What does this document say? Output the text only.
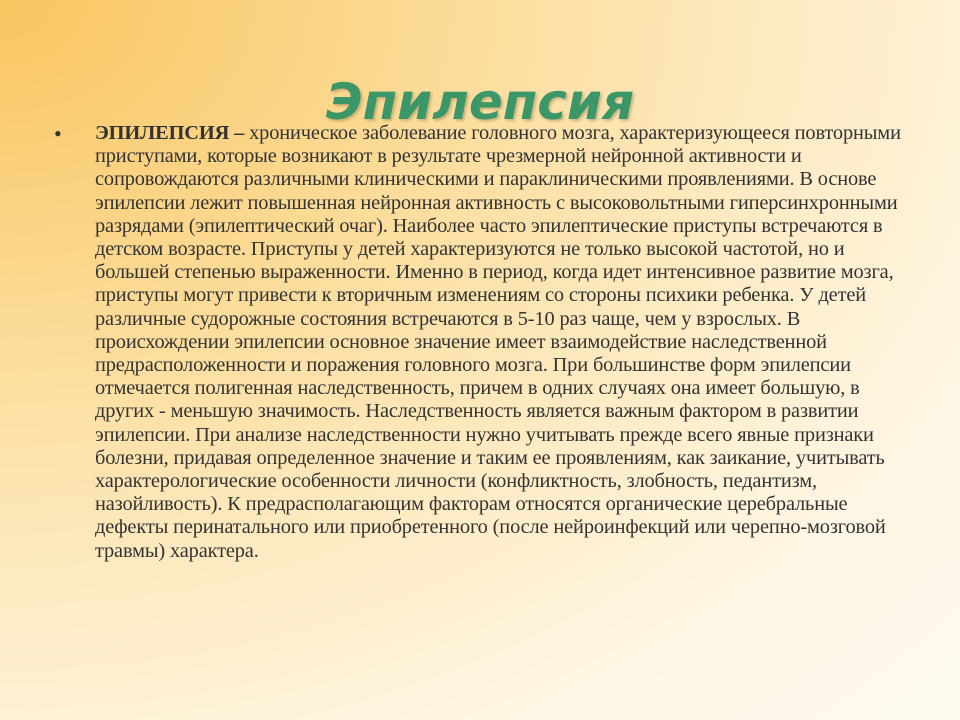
Эпилепсия
• ЭПИЛЕПСИЯ – хроническое заболевание головного мозга, характеризующееся повторными приступами, которые возникают в результате чрезмерной нейронной активности и сопровождаются различными клиническими и параклиническими проявлениями. В основе эпилепсии лежит повышенная нейронная активность с высоковольтными гиперсинхронными разрядами (эпилептический очаг). Наиболее часто эпилептические приступы встречаются в детском возрасте. Приступы у детей характеризуются не только высокой частотой, но и большей степенью выраженности. Именно в период, когда идет интенсивное развитие мозга, приступы могут привести к вторичным изменениям со стороны психики ребенка. У детей различные судорожные состояния встречаются в 5-10 раз чаще, чем у взрослых. В происхождении эпилепсии основное значение имеет взаимодействие наследственной предрасположенности и поражения головного мозга. При большинстве форм эпилепсии отмечается полигенная наследственность, причем в одних случаях она имеет большую, в других - меньшую значимость. Наследственность является важным фактором в развитии эпилепсии. При анализе наследственности нужно учитывать прежде всего явные признаки болезни, придавая определенное значение и таким ее проявлениям, как заикание, учитывать характерологические особенности личности (конфликтность, злобность, педантизм, назойливость). К предрасполагающим факторам относятся органические церебральные дефекты перинатального или приобретенного (после нейроинфекций или черепно-мозговой травмы) характера.
